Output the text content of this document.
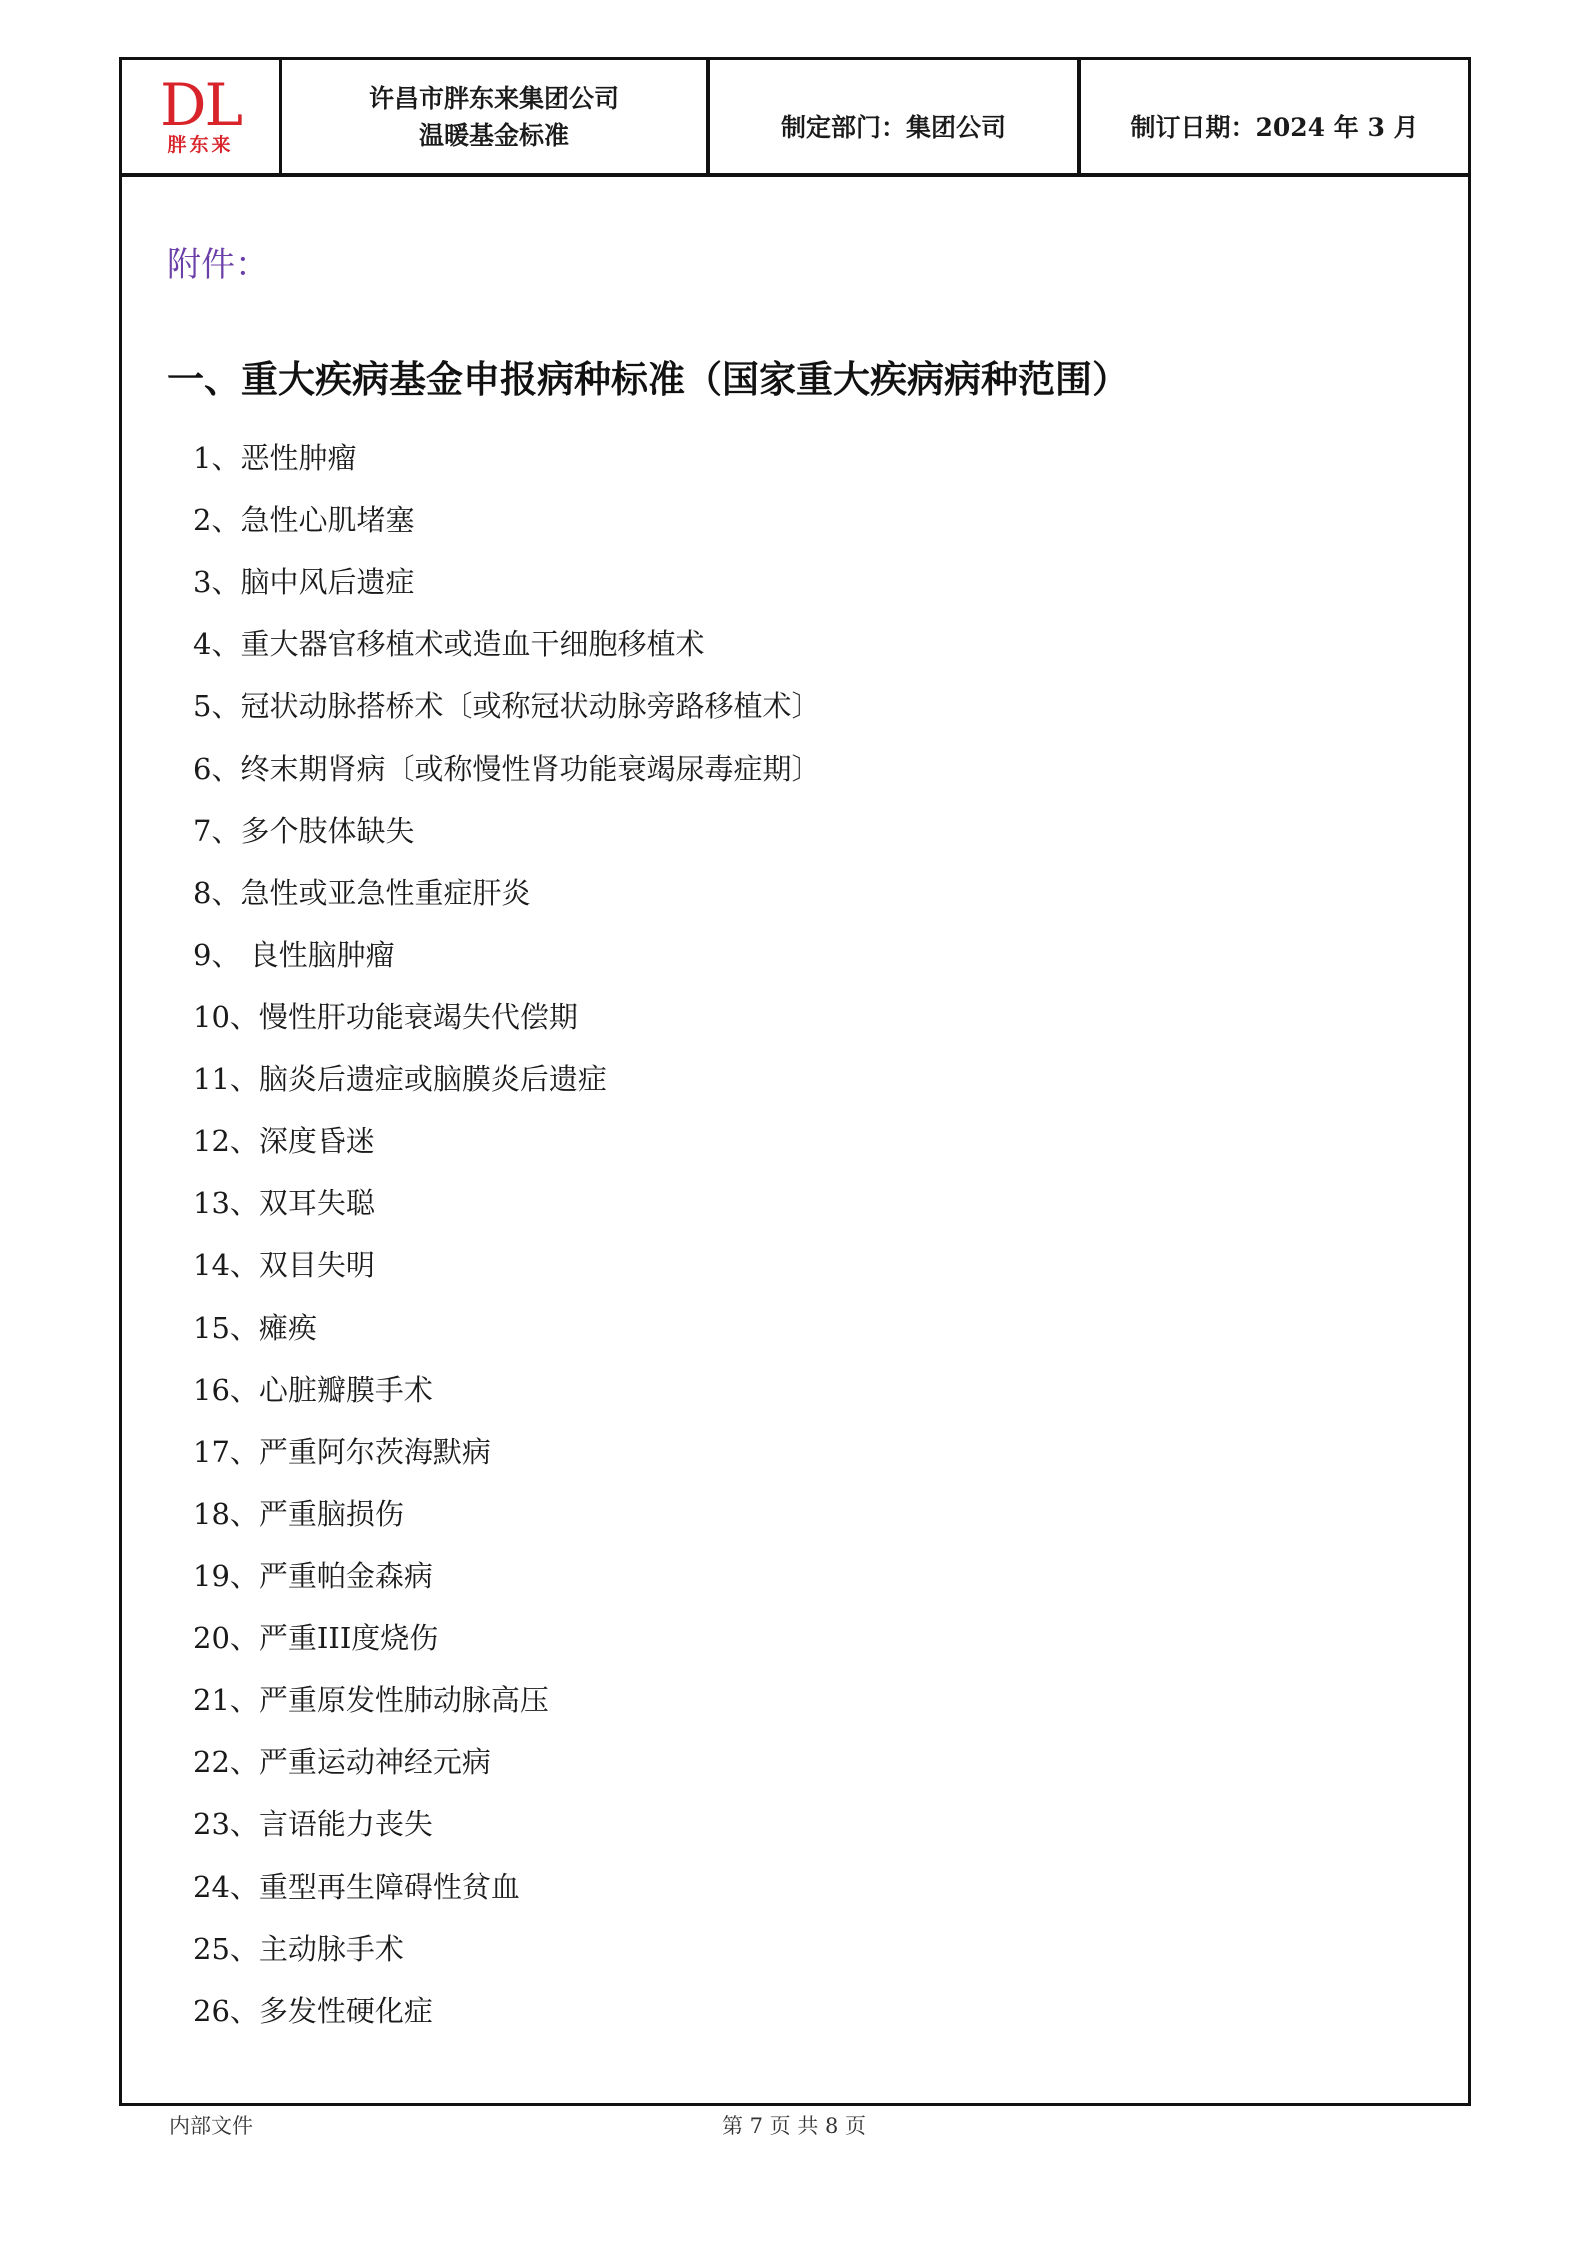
DL
胖东来
许昌市胖东来集团公司
温暖基金标准	制定部门：集团公司	制订日期：2024 年 3 月
附件：
一、重大疾病基金申报病种标准（国家重大疾病病种范围）
1、恶性肿瘤
2、急性心肌堵塞
3、脑中风后遗症
4、重大器官移植术或造血干细胞移植术
5、冠状动脉搭桥术〔或称冠状动脉旁路移植术〕
6、终末期肾病〔或称慢性肾功能衰竭尿毒症期〕
7、多个肢体缺失
8、急性或亚急性重症肝炎
9、 良性脑肿瘤
10、慢性肝功能衰竭失代偿期
11、脑炎后遗症或脑膜炎后遗症
12、深度昏迷
13、双耳失聪
14、双目失明
15、瘫痪
16、心脏瓣膜手术
17、严重阿尔茨海默病
18、严重脑损伤
19、严重帕金森病
20、严重III度烧伤
21、严重原发性肺动脉高压
22、严重运动神经元病
23、言语能力丧失
24、重型再生障碍性贫血
25、主动脉手术
26、多发性硬化症
内部文件	第 7 页 共 8 页
